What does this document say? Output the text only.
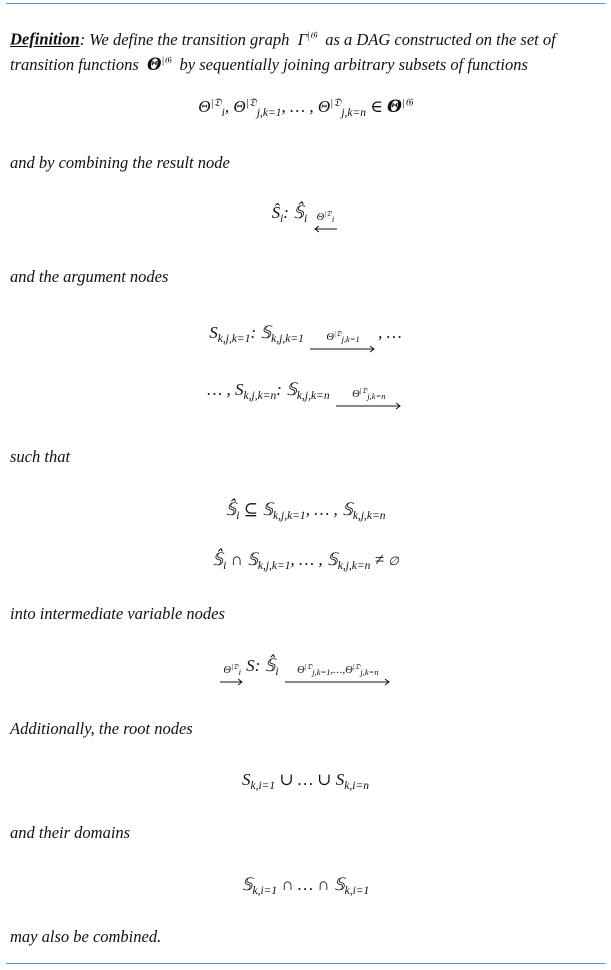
Definition: We define the transition graph  $\Gamma^{|𝔊}$  as a DAG constructed on the set of transition functions  𝜣$^{|𝔊}$  by sequentially joining arbitrary subsets of functions
$\Theta^{|𝔇}_i$, $\Theta^{|𝔇}_{j,k=1}$, … , $\Theta^{|𝔇}_{j,k=n}$ ∈ 𝜣$^{|𝔊}$
and by combining the result node
$Ŝ_i$: $𝕊̂_i$ $\Theta^{|𝔇}_i$
and the argument nodes
$S_{k,j,k=1}$: 𝕊$_{k,j,k=1}$	$\Theta^{|𝔇}_{j,k=1}$	, …
… , $S_{k,j,k=n}$: 𝕊$_{k,j,k=n}$	$\Theta^{|𝔇}_{j,k=n}$
such that
$𝕊̂_i$ ⊆ 𝕊$_{k,j,k=1}$, … , 𝕊$_{k,j,k=n}$
$𝕊̂_i$ ∩ 𝕊$_{k,j,k=1}$, … , 𝕊$_{k,j,k=n}$ ≠ ∅
into intermediate variable nodes
$\Theta^{|𝔇}_i$ S: $𝕊̂_i$	$\Theta^{|𝔇}_{j,k=1},\dots,\Theta^{|𝔇}_{j,k=n}$
Additionally, the root nodes
$S_{k,i=1}$ ∪ … ∪ $S_{k,i=n}$
and their domains
𝕊$_{k,i=1}$ ∩ … ∩ 𝕊$_{k,i=1}$
may also be combined.
